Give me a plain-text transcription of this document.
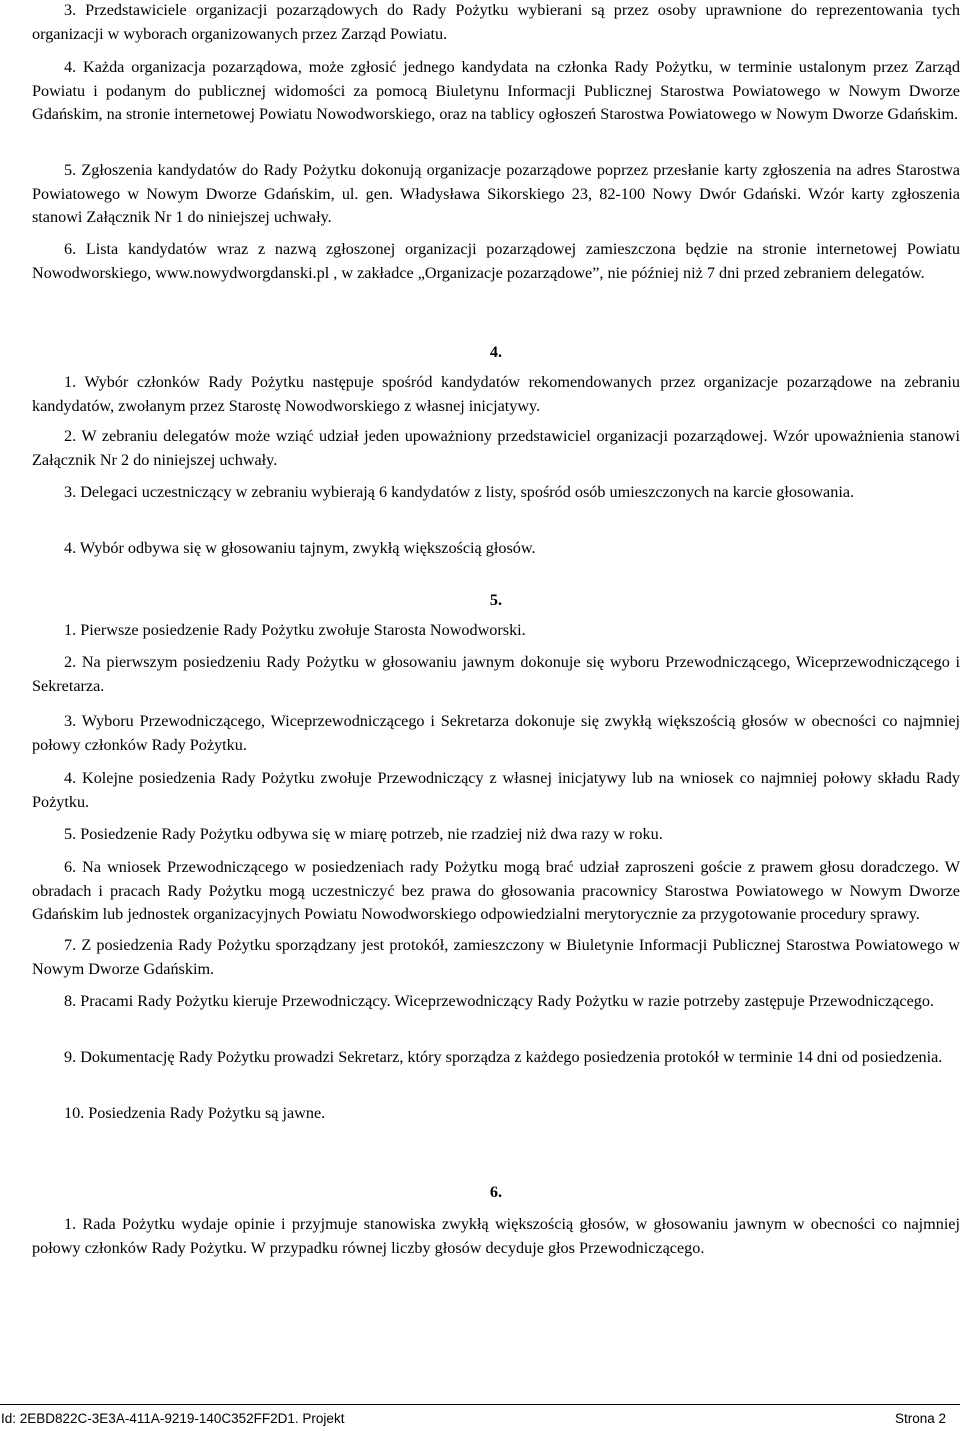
3. Przedstawiciele organizacji pozarządowych do Rady Pożytku wybierani są przez osoby uprawnione do reprezentowania tych organizacji w wyborach organizowanych przez Zarząd Powiatu.

4. Każda organizacja pozarządowa, może zgłosić jednego kandydata na członka Rady Pożytku, w terminie ustalonym przez Zarząd Powiatu i podanym do publicznej widomości za pomocą Biuletynu Informacji Publicznej Starostwa Powiatowego w Nowym Dworze Gdańskim, na stronie internetowej Powiatu Nowodworskiego, oraz na tablicy ogłoszeń Starostwa Powiatowego w Nowym Dworze Gdańskim.

5. Zgłoszenia kandydatów do Rady Pożytku dokonują organizacje pozarządowe poprzez przesłanie karty zgłoszenia na adres Starostwa Powiatowego w Nowym Dworze Gdańskim, ul. gen. Władysława Sikorskiego 23, 82-100 Nowy Dwór Gdański. Wzór karty zgłoszenia stanowi Załącznik Nr 1 do niniejszej uchwały.

6. Lista kandydatów wraz z nazwą zgłoszonej organizacji pozarządowej zamieszczona będzie na stronie internetowej Powiatu Nowodworskiego, www.nowydworgdanski.pl , w zakładce „Organizacje pozarządowe”, nie później niż 7 dni przed zebraniem delegatów.

4.

1. Wybór członków Rady Pożytku następuje spośród kandydatów rekomendowanych przez organizacje pozarządowe na zebraniu kandydatów, zwołanym przez Starostę Nowodworskiego z własnej inicjatywy.

2. W zebraniu delegatów może wziąć udział jeden upoważniony przedstawiciel organizacji pozarządowej. Wzór upoważnienia stanowi Załącznik Nr 2 do niniejszej uchwały.

3. Delegaci uczestniczący w zebraniu wybierają 6 kandydatów z listy, spośród osób umieszczonych na karcie głosowania.

4. Wybór odbywa się w głosowaniu tajnym, zwykłą większością głosów.

5.

1. Pierwsze posiedzenie Rady Pożytku zwołuje Starosta Nowodworski.

2. Na pierwszym posiedzeniu Rady Pożytku w głosowaniu jawnym dokonuje się wyboru Przewodniczącego, Wiceprzewodniczącego i Sekretarza.

3. Wyboru Przewodniczącego, Wiceprzewodniczącego i Sekretarza dokonuje się zwykłą większością głosów w obecności co najmniej połowy członków Rady Pożytku.

4. Kolejne posiedzenia Rady Pożytku zwołuje Przewodniczący z własnej inicjatywy lub na wniosek co najmniej połowy składu Rady Pożytku.

5. Posiedzenie Rady Pożytku odbywa się w miarę potrzeb, nie rzadziej niż dwa razy w roku.

6. Na wniosek Przewodniczącego w posiedzeniach rady Pożytku mogą brać udział zaproszeni goście z prawem głosu doradczego. W obradach i pracach Rady Pożytku mogą uczestniczyć bez prawa do głosowania pracownicy Starostwa Powiatowego w Nowym Dworze Gdańskim lub jednostek organizacyjnych Powiatu Nowodworskiego odpowiedzialni merytorycznie za przygotowanie procedury sprawy.

7. Z posiedzenia Rady Pożytku sporządzany jest protokół, zamieszczony w Biuletynie Informacji Publicznej Starostwa Powiatowego w Nowym Dworze Gdańskim.

8. Pracami Rady Pożytku kieruje Przewodniczący. Wiceprzewodniczący Rady Pożytku w razie potrzeby zastępuje Przewodniczącego.

9. Dokumentację Rady Pożytku prowadzi Sekretarz, który sporządza z każdego posiedzenia protokół w terminie 14 dni od posiedzenia.

10. Posiedzenia Rady Pożytku są jawne.

6.

1. Rada Pożytku wydaje opinie i przyjmuje stanowiska zwykłą większością głosów, w głosowaniu jawnym w obecności co najmniej połowy członków Rady Pożytku. W przypadku równej liczby głosów decyduje głos Przewodniczącego.

Id: 2EBD822C-3E3A-411A-9219-140C352FF2D1. Projekt	Strona 2
